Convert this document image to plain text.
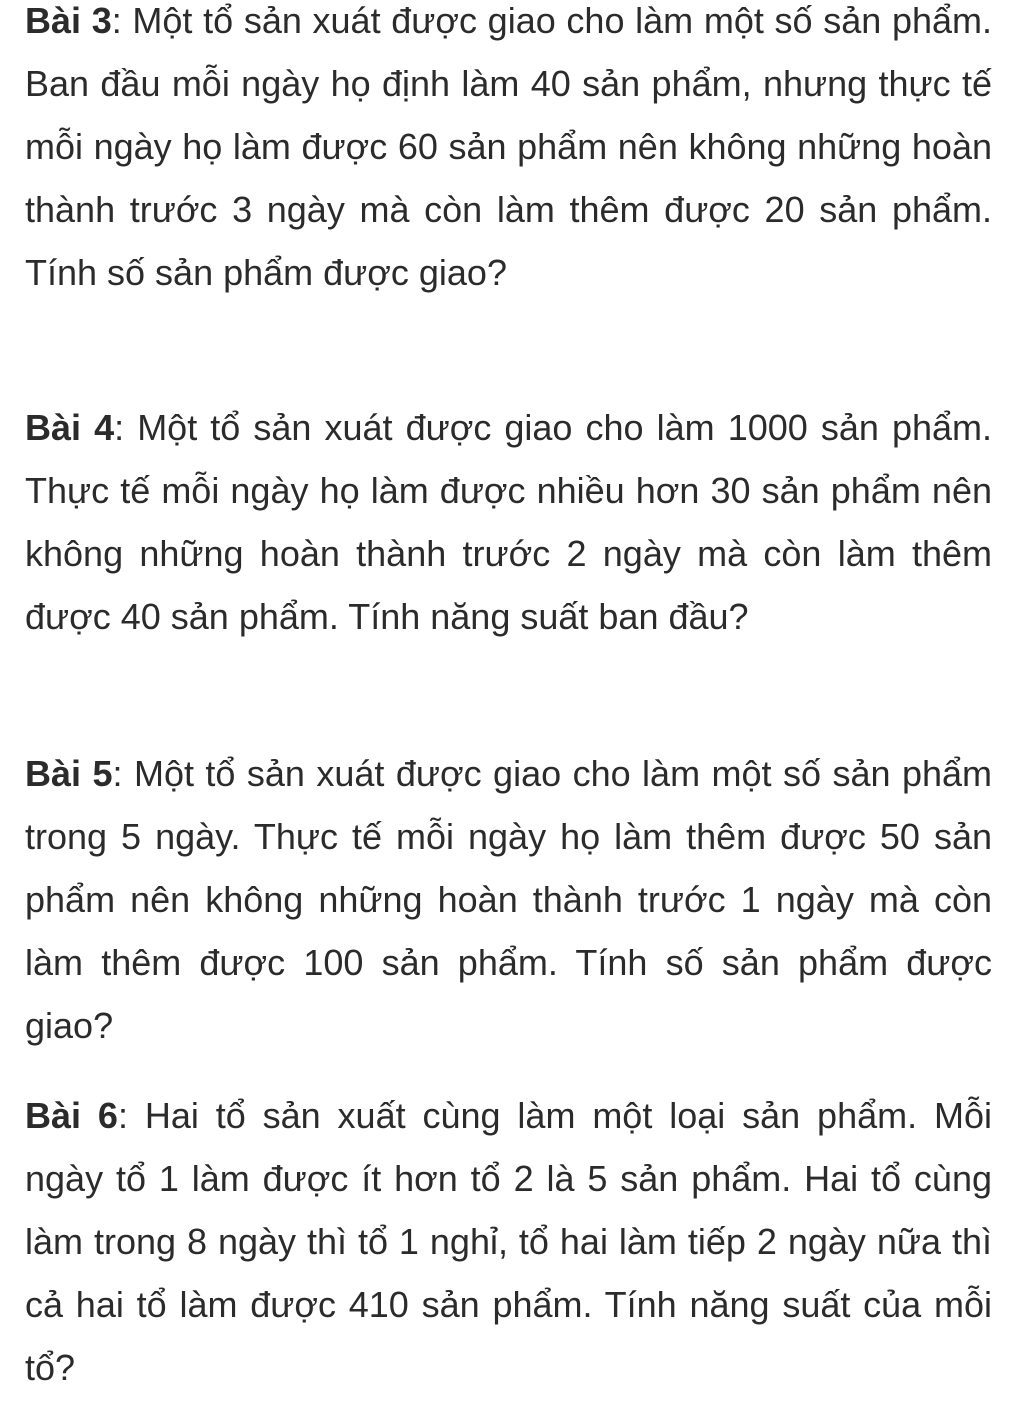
Bài 3: Một tổ sản xuát được giao cho làm một số sản phẩm. Ban đầu mỗi ngày họ định làm 40 sản phẩm, nhưng thực tế mỗi ngày họ làm được 60 sản phẩm nên không những hoàn thành trước 3 ngày mà còn làm thêm được 20 sản phẩm. Tính số sản phẩm được giao?

Bài 4: Một tổ sản xuát được giao cho làm 1000 sản phẩm. Thực tế mỗi ngày họ làm được nhiều hơn 30 sản phẩm nên không những hoàn thành trước 2 ngày mà còn làm thêm được 40 sản phẩm. Tính năng suất ban đầu?

Bài 5: Một tổ sản xuát được giao cho làm một số sản phẩm trong 5 ngày. Thực tế mỗi ngày họ làm thêm được 50 sản phẩm nên không những hoàn thành trước 1 ngày mà còn làm thêm được 100 sản phẩm. Tính số sản phẩm được giao?

Bài 6: Hai tổ sản xuất cùng làm một loại sản phẩm. Mỗi ngày tổ 1 làm được ít hơn tổ 2 là 5 sản phẩm. Hai tổ cùng làm trong 8 ngày thì tổ 1 nghỉ, tổ hai làm tiếp 2 ngày nữa thì cả hai tổ làm được 410 sản phẩm. Tính năng suất của mỗi tổ?
